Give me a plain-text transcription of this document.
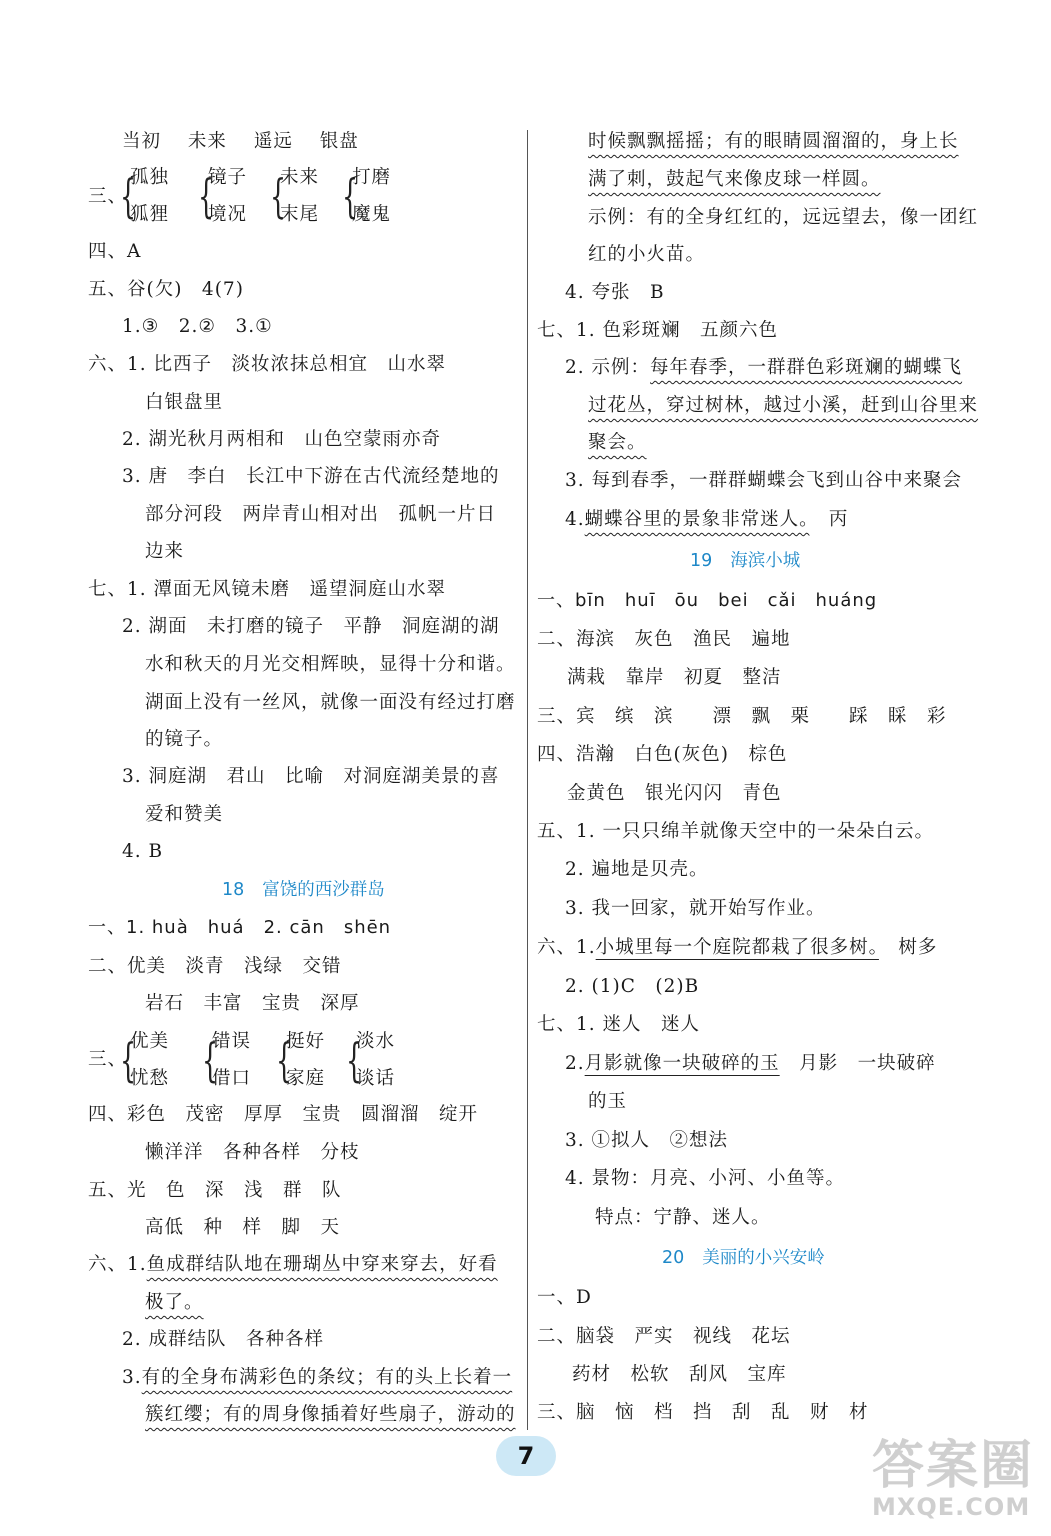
当初 未来 遥远 银盘
三、
{
孤独
狐狸 {
镜子
境况 {
未来
末尾 {
打磨
魔鬼
四、A
五、谷(欠)　4(7)
1.③　2.②　3.①
六、1. 比西子　淡妆浓抹总相宜　山水翠
白银盘里
2. 湖光秋月两相和　山色空蒙雨亦奇
3. 唐　李白　长江中下游在古代流经楚地的
部分河段　两岸青山相对出　孤帆一片日
边来
七、1. 潭面无风镜未磨　遥望洞庭山水翠
2. 湖面　未打磨的镜子　平静　洞庭湖的湖
水和秋天的月光交相辉映，显得十分和谐。
湖面上没有一丝风，就像一面没有经过打磨
的镜子。
3. 洞庭湖　君山　比喻　对洞庭湖美景的喜
爱和赞美
4. B
18 富饶的西沙群岛
一、1. huà　huá　2. cān　shēn
二、优美　淡青　浅绿　交错
岩石　丰富　宝贵　深厚
三、
{
优美
忧愁 {
错误
借口 {
挺好
家庭 {
淡水
谈话
四、彩色　茂密　厚厚　宝贵　圆溜溜　绽开
懒洋洋　各种各样　分枝
五、光　色　深　浅　群　队
高低　种　样　脚　天
六、1.鱼成群结队地在珊瑚丛中穿来穿去，好看
极了。
2. 成群结队　各种各样
3.有的全身布满彩色的条纹；有的头上长着一
簇红缨；有的周身像插着好些扇子，游动的
时候飘飘摇摇；有的眼睛圆溜溜的，身上长
满了刺，鼓起气来像皮球一样圆。
示例：有的全身红红的，远远望去，像一团红
红的小火苗。
4. 夸张　B
七、1. 色彩斑斓　五颜六色
2. 示例：每年春季，一群群色彩斑斓的蝴蝶飞
过花丛，穿过树林，越过小溪，赶到山谷里来
聚会。
3. 每到春季，一群群蝴蝶会飞到山谷中来聚会
4.蝴蝶谷里的景象非常迷人。　丙
19 海滨小城
一、bīn　huī　ōu　bei　cǎi　huáng
二、海滨　灰色　渔民　遍地
满栽　靠岸　初夏　整洁
三、宾　缤　滨　　漂　飘　栗　　踩　睬　彩
四、浩瀚　白色(灰色)　棕色
金黄色　银光闪闪　青色
五、1. 一只只绵羊就像天空中的一朵朵白云。
2. 遍地是贝壳。
3. 我一回家，就开始写作业。
六、1.小城里每一个庭院都栽了很多树。　树多
2. (1)C　(2)B
七、1. 迷人　迷人
2.月影就像一块破碎的玉　月影　一块破碎
的玉
3. ①拟人　②想法
4. 景物：月亮、小河、小鱼等。
特点：宁静、迷人。
20 美丽的小兴安岭
一、D
二、脑袋　严实　视线　花坛
药材　松软　刮风　宝库
三、脑　恼　档　挡　刮　乱　财　材
7	答案圈
MXQE.COM
